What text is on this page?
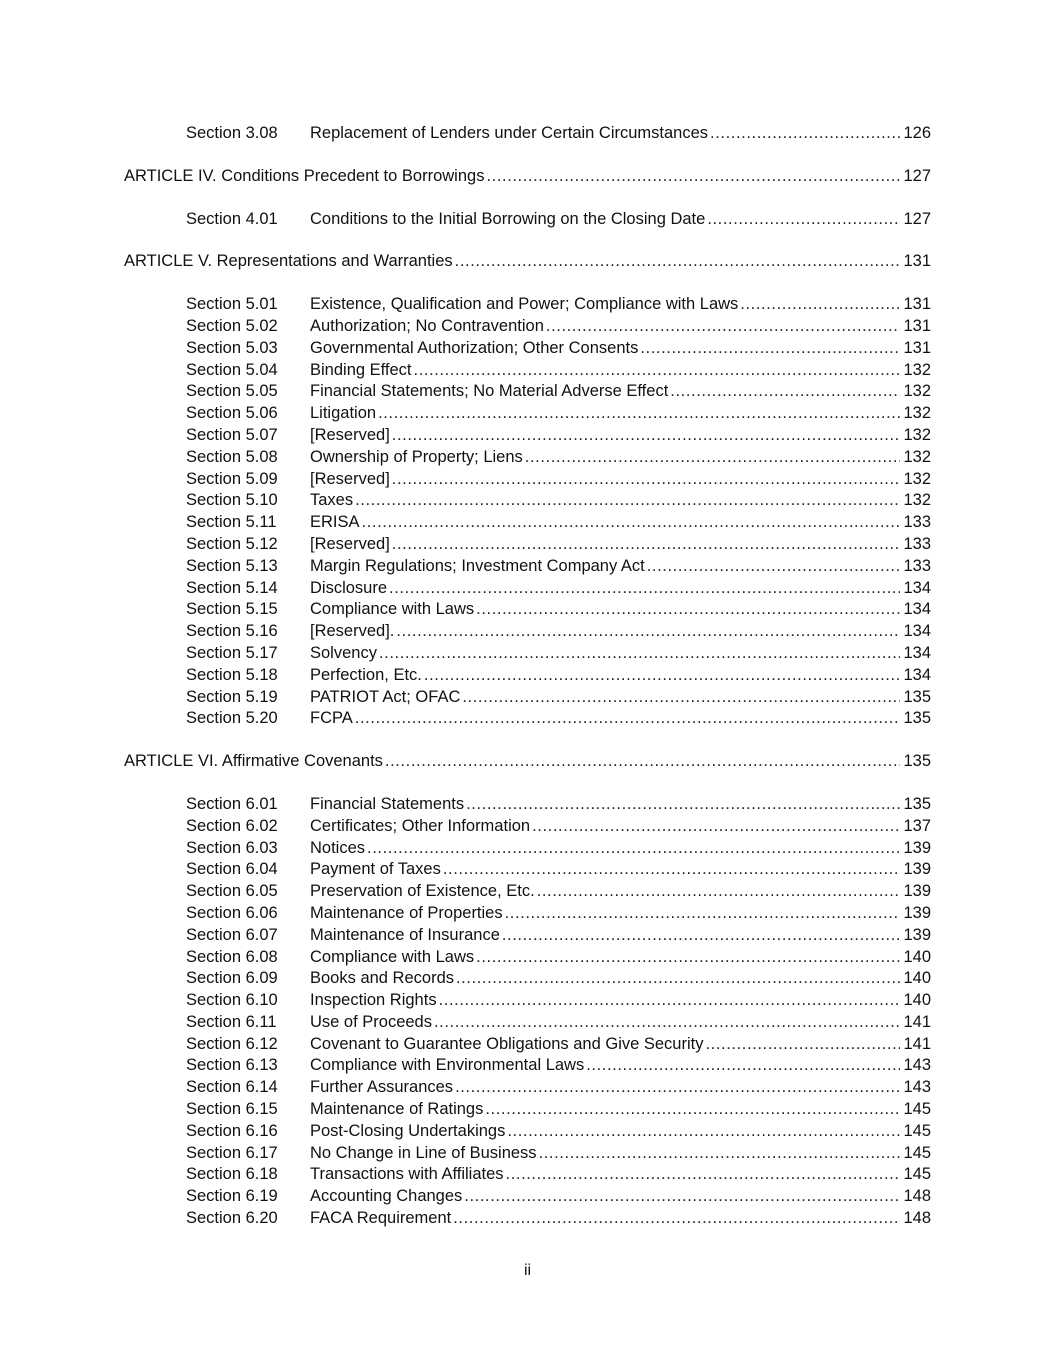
Section 3.08 Replacement of Lenders under Certain Circumstances .....	126
ARTICLE IV. Conditions Precedent to Borrowings .....	127
Section 4.01 Conditions to the Initial Borrowing on the Closing Date .....	127
ARTICLE V. Representations and Warranties .....	131
Section 5.01 Existence, Qualification and Power; Compliance with Laws .....	131
Section 5.02 Authorization; No Contravention .....	131
Section 5.03 Governmental Authorization; Other Consents .....	131
Section 5.04 Binding Effect .....	132
Section 5.05 Financial Statements; No Material Adverse Effect .....	132
Section 5.06 Litigation .....	132
Section 5.07 [Reserved] .....	132
Section 5.08 Ownership of Property; Liens .....	132
Section 5.09 [Reserved] .....	132
Section 5.10 Taxes .....	132
Section 5.11 ERISA .....	133
Section 5.12 [Reserved] .....	133
Section 5.13 Margin Regulations; Investment Company Act .....	133
Section 5.14 Disclosure .....	134
Section 5.15 Compliance with Laws .....	134
Section 5.16 [Reserved]. .....	134
Section 5.17 Solvency .....	134
Section 5.18 Perfection, Etc. .....	134
Section 5.19 PATRIOT Act; OFAC .....	135
Section 5.20 FCPA .....	135
ARTICLE VI. Affirmative Covenants .....	135
Section 6.01 Financial Statements .....	135
Section 6.02 Certificates; Other Information .....	137
Section 6.03 Notices .....	139
Section 6.04 Payment of Taxes .....	139
Section 6.05 Preservation of Existence, Etc. .....	139
Section 6.06 Maintenance of Properties .....	139
Section 6.07 Maintenance of Insurance .....	139
Section 6.08 Compliance with Laws .....	140
Section 6.09 Books and Records .....	140
Section 6.10 Inspection Rights .....	140
Section 6.11 Use of Proceeds .....	141
Section 6.12 Covenant to Guarantee Obligations and Give Security .....	141
Section 6.13 Compliance with Environmental Laws .....	143
Section 6.14 Further Assurances .....	143
Section 6.15 Maintenance of Ratings .....	145
Section 6.16 Post-Closing Undertakings .....	145
Section 6.17 No Change in Line of Business .....	145
Section 6.18 Transactions with Affiliates .....	145
Section 6.19 Accounting Changes .....	148
Section 6.20 FACA Requirement .....	148
ii
